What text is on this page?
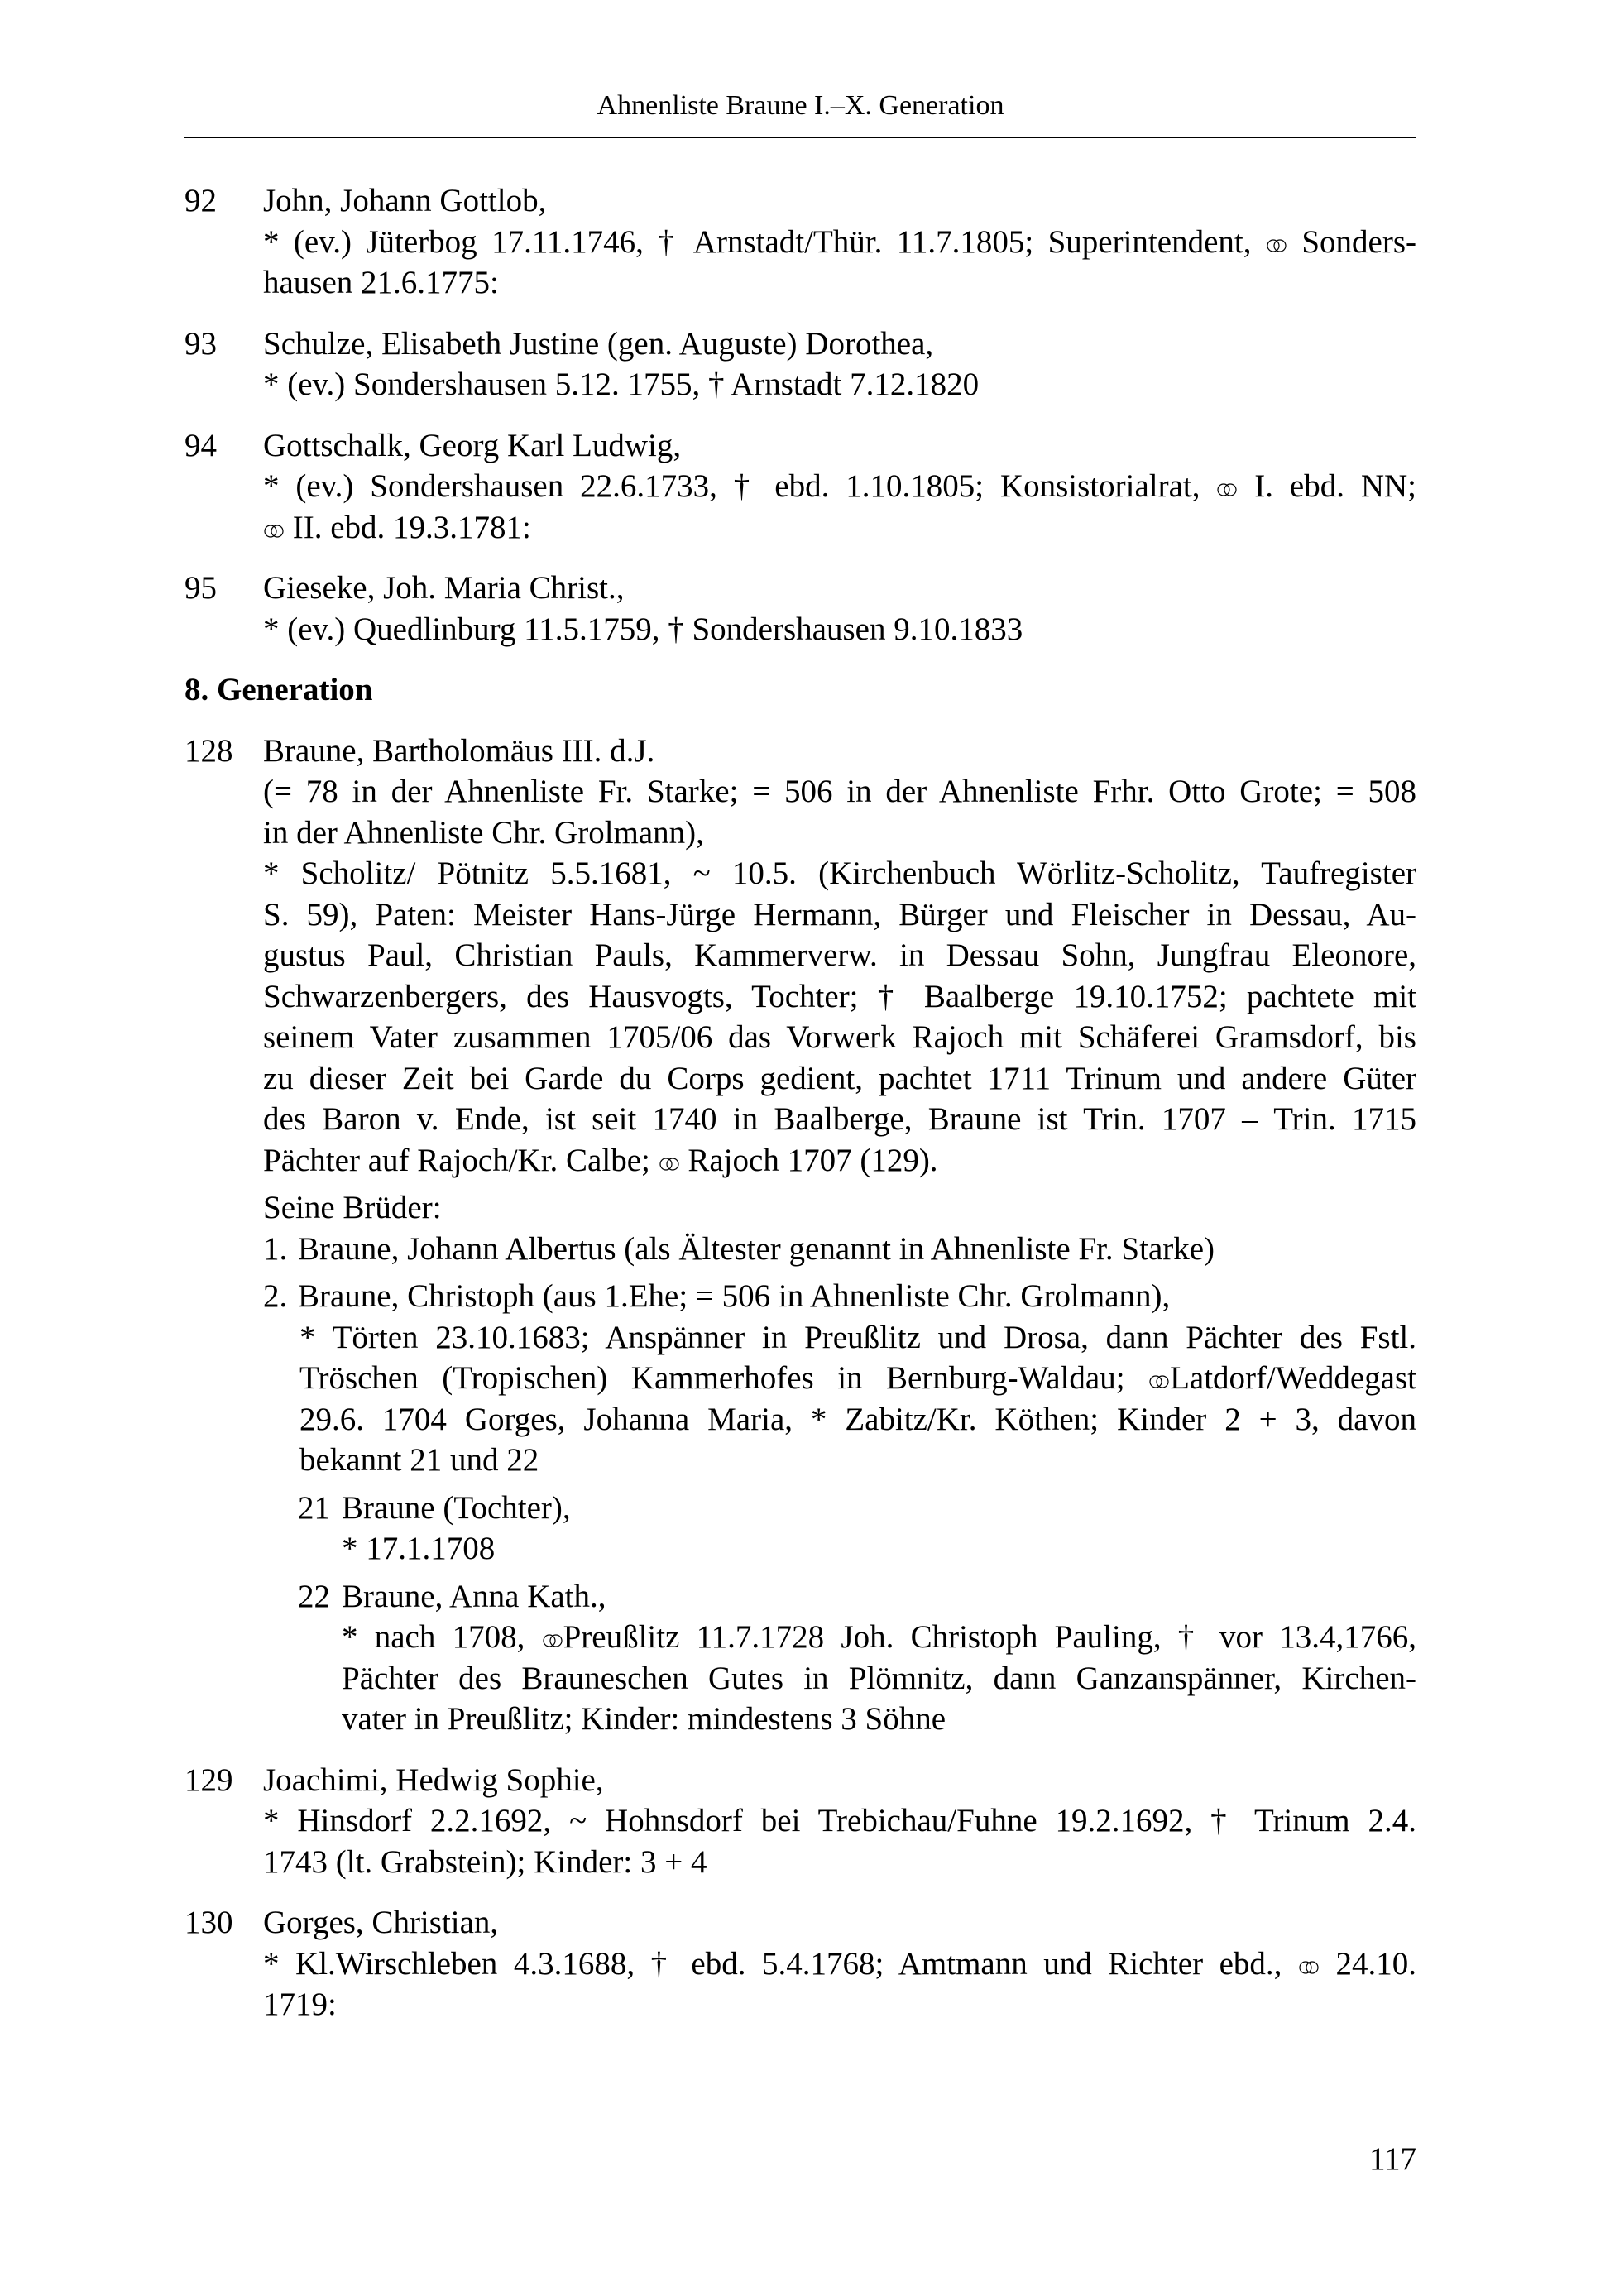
Ahnenliste Braune I.–X. Generation
92 John, Johann Gottlob,
* (ev.) Jüterbog 17.11.1746, † Arnstadt/Thür. 11.7.1805; Superintendent,  Sonders-
hausen 21.6.1775:
93 Schulze, Elisabeth Justine (gen. Auguste) Dorothea,
* (ev.) Sondershausen 5.12. 1755, † Arnstadt 7.12.1820
94 Gottschalk, Georg Karl Ludwig,
* (ev.) Sondershausen 22.6.1733, † ebd. 1.10.1805; Konsistorialrat,  I. ebd. NN;
II. ebd. 19.3.1781:
95 Gieseke, Joh. Maria Christ.,
* (ev.) Quedlinburg 11.5.1759, † Sondershausen 9.10.1833
8. Generation
128 Braune, Bartholomäus III. d.J.
(= 78 in der Ahnenliste Fr. Starke; = 506 in der Ahnenliste Frhr. Otto Grote; = 508
in der Ahnenliste Chr. Grolmann),
* Scholitz/ Pötnitz 5.5.1681, ~ 10.5. (Kirchenbuch Wörlitz-Scholitz, Taufregister
S. 59), Paten: Meister Hans-Jürge Hermann, Bürger und Fleischer in Dessau, Au-
gustus Paul, Christian Pauls, Kammerverw. in Dessau Sohn, Jungfrau Eleonore,
Schwarzenbergers, des Hausvogts, Tochter; † Baalberge 19.10.1752; pachtete mit
seinem Vater zusammen 1705/06 das Vorwerk Rajoch mit Schäferei Gramsdorf, bis
zu dieser Zeit bei Garde du Corps gedient, pachtet 1711 Trinum und andere Güter
des Baron v. Ende, ist seit 1740 in Baalberge, Braune ist Trin. 1707 – Trin. 1715
Pächter auf Rajoch/Kr. Calbe;  Rajoch 1707 (129).
Seine Brüder:
1. Braune, Johann Albertus (als Ältester genannt in Ahnenliste Fr. Starke)
2. Braune, Christoph (aus 1.Ehe; = 506 in Ahnenliste Chr. Grolmann),
* Törten 23.10.1683; Anspänner in Preußlitz und Drosa, dann Pächter des Fstl.
Tröschen (Tropischen) Kammerhofes in Bernburg-Waldau; Latdorf/Weddegast
29.6. 1704 Gorges, Johanna Maria, * Zabitz/Kr. Köthen; Kinder 2 + 3, davon
bekannt 21 und 22
21 Braune (Tochter),
* 17.1.1708
22 Braune, Anna Kath.,
* nach 1708, Preußlitz 11.7.1728 Joh. Christoph Pauling, † vor 13.4,1766,
Pächter des Brauneschen Gutes in Plömnitz, dann Ganzanspänner, Kirchen-
vater in Preußlitz; Kinder: mindestens 3 Söhne
129 Joachimi, Hedwig Sophie,
* Hinsdorf 2.2.1692, ~ Hohnsdorf bei Trebichau/Fuhne 19.2.1692, † Trinum 2.4.
1743 (lt. Grabstein); Kinder: 3 + 4
130 Gorges, Christian,
* Kl.Wirschleben 4.3.1688, † ebd. 5.4.1768; Amtmann und Richter ebd.,  24.10.
1719:
117
